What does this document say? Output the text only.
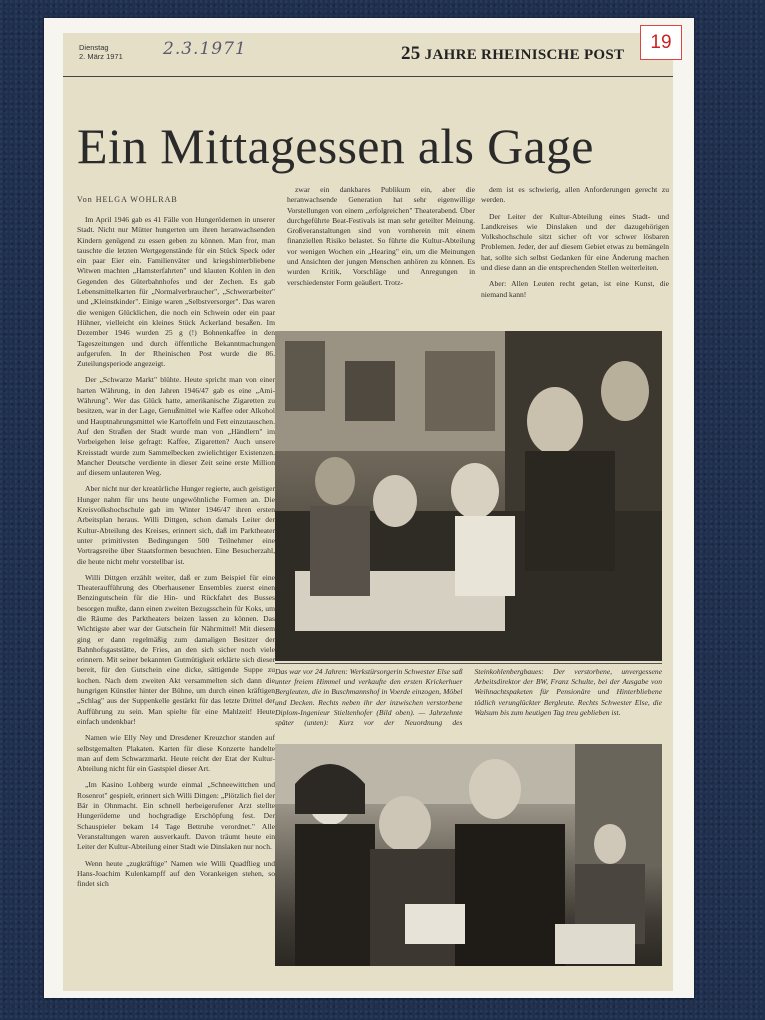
Dienstag
2. März 1971 2.3.1971	25 JAHRE RHEINISCHE POST
Ein Mittagessen als Gage
Von HELGA WOHLRAB

Im April 1946 gab es 41 Fälle von Hungerödemen in unserer Stadt. Nicht nur Mütter hungerten um ihren heranwachsenden Kindern genügend zu essen geben zu können. Man fror, man tauschte die letzten Wertgegenstände für ein Stück Speck oder ein paar Eier ein. Familienväter und kriegshinterbliebene Witwen machten „Hamsterfahrten" und klauten Kohlen in den Gegenden des Güterbahnhofes und der Zechen. Es gab Lebensmittelkarten für „Normalverbraucher", „Schwerarbeiter" und „Kleinstkinder". Einige waren „Selbstversorger". Das waren die wenigen Glücklichen, die noch ein Schwein oder ein paar Hühner, vielleicht ein kleines Stück Ackerland besaßen. Im Dezember 1946 wurden 25 g (!) Bohnenkaffee in den Tageszeitungen und durch öffentliche Bekanntmachungen aufgerufen. In der Rheinischen Post wurde die 86. Zuteilungsperiode angezeigt.

Der „Schwarze Markt" blühte. Heute spricht man von einer harten Währung, in den Jahren 1946/47 gab es eine „Ami-Währung". Wer das Glück hatte, amerikanische Zigaretten zu besitzen, war in der Lage, Genußmittel wie Kaffee oder Alkohol und Hauptnahrungsmittel wie Kartoffeln und Fett einzutauschen. Auf den Straßen der Stadt wurde man von „Händlern" im Vorbeigehen leise gefragt: Kaffee, Zigaretten? Auch unsere Kreisstadt wurde zum Sammelbecken zwielichtiger Existenzen. Mancher Deutsche verdiente in dieser Zeit seine erste Million auf diesem unlauteren Weg.

Aber nicht nur der kreatürliche Hunger regierte, auch geistiger Hunger nahm für uns heute ungewöhnliche Formen an. Die Kreisvolkshochschule gab im Winter 1946/47 ihren ersten Arbeitsplan heraus. Willi Dittgen, schon damals Leiter der Kultur-Abteilung des Kreises, erinnert sich, daß im Parktheater unter primitivsten Bedingungen 500 Teilnehmer eine Vortragsreihe über Staatsformen besuchten. Eine Besucherzahl, die heute nicht mehr vorstellbar ist.

Willi Dittgen erzählt weiter, daß er zum Beispiel für eine Theateraufführung des Oberhausener Ensembles zuerst einen Benzingutschein für die Hin- und Rückfahrt des Busses besorgen mußte, dann einen zweiten Bezugsschein für Koks, um die Räume des Parktheaters beizen lassen zu können. Das Wichtigste aber war der Gutschein für Nährmittel! Mit diesem ging er dann regelmäßig zum damaligen Besitzer der Bahnhofsgaststätte, de Fries, an den sich sicher noch viele erinnern. Mit seiner bekannten Gutmütigkeit erklärte sich dieser bereit, für den Gutschein eine dicke, sättigende Suppe zu kochen. Nach dem zweiten Akt versammelten sich dann die hungrigen Künstler hinter der Bühne, um durch einen kräftigen „Schlag" aus der Suppenkelle gestärkt für das letzte Drittel der Aufführung zu sein. Man spielte für eine Mahlzeit! Heute einfach undenkbar!

Namen wie Elly Ney und Dresdener Kreuzchor standen auf selbstgemalten Plakaten. Karten für diese Konzerte handelte man auf dem Schwarzmarkt. Heute reicht der Etat der Kultur-Abteilung nicht für ein Gastspiel dieser Art.

„Im Kasino Lohberg wurde einmal „Schneewittchen und Rosenrot" gespielt, erinnert sich Willi Dittgen: „Plötzlich fiel der Bär in Ohnmacht. Ein schnell herbeigerufener Arzt stellte Hungerödeme und hochgradige Erschöpfung fest. Der Schauspieler bekam 14 Tage Bettruhe verordnet." Alle Veranstaltungen waren ausverkauft. Davon träumt heute ein Leiter der Kultur-Abteilung einer Stadt wie Dinslaken nur noch.

Wenn heute „zugkräftige" Namen wie Willi Quadflieg und Hans-Joachim Kulenkampff auf den Vorankeigen stehen, so findet sich

zwar ein dankbares Publikum ein, aber die heranwachsende Generation hat sehr eigenwillige Vorstellungen von einem „erfolgreichen" Theaterabend. Über durchgeführte Beat-Festivals ist man sehr geteilter Meinung. Großveranstaltungen sind von vornherein mit einem finanziellen Risiko belastet. So führte die Kultur-Abteilung vor wenigen Wochen ein „Hearing" ein, um die Meinungen und Ansichten der jungen Menschen anhören zu können. Es wurden Kritik, Vorschläge und Anregungen in verschiedenster Form geäußert. Trotz-

dem ist es schwierig, allen Anforderungen gerecht zu werden.

Der Leiter der Kultur-Abteilung eines Stadt- und Landkreises wie Dinslaken und der dazugehörigen Volkshochschule sitzt sicher oft vor schwer lösbaren Problemen. Jeder, der auf diesem Gebiet etwas zu bemängeln hat, sollte sich selbst Gedanken für eine Änderung machen und diese dann an die entsprechenden Stellen weiterleiten.

Aber: Allen Leuten recht getan, ist eine Kunst, die niemand kann!

Das war vor 24 Jahren: Werkstürsorgerin Schwester Else saß unter freiem Himmel und verkaufte den ersten Krickerhuer Bergleuten, die in Buschmannshof in Voerde einzogen, Möbel und Decken. Rechts neben ihr der inzwischen verstorbene Diplom-Ingenieur Stieltenhofer (Bild oben). — Jahrzehnte später (unten): Kurz vor der Neuordnung des Steinkohlenbergbaues: Der verstorbene, unvergessene Arbeitsdirektor der BW, Franz Schulte, bei der Ausgabe von Weihnachtspaketen für Pensionäre und Hinterbliebene tödlich verunglückter Bergleute. Rechts Schwester Else, die Walsum bis zum heutigen Tag treu geblieben ist.
19
